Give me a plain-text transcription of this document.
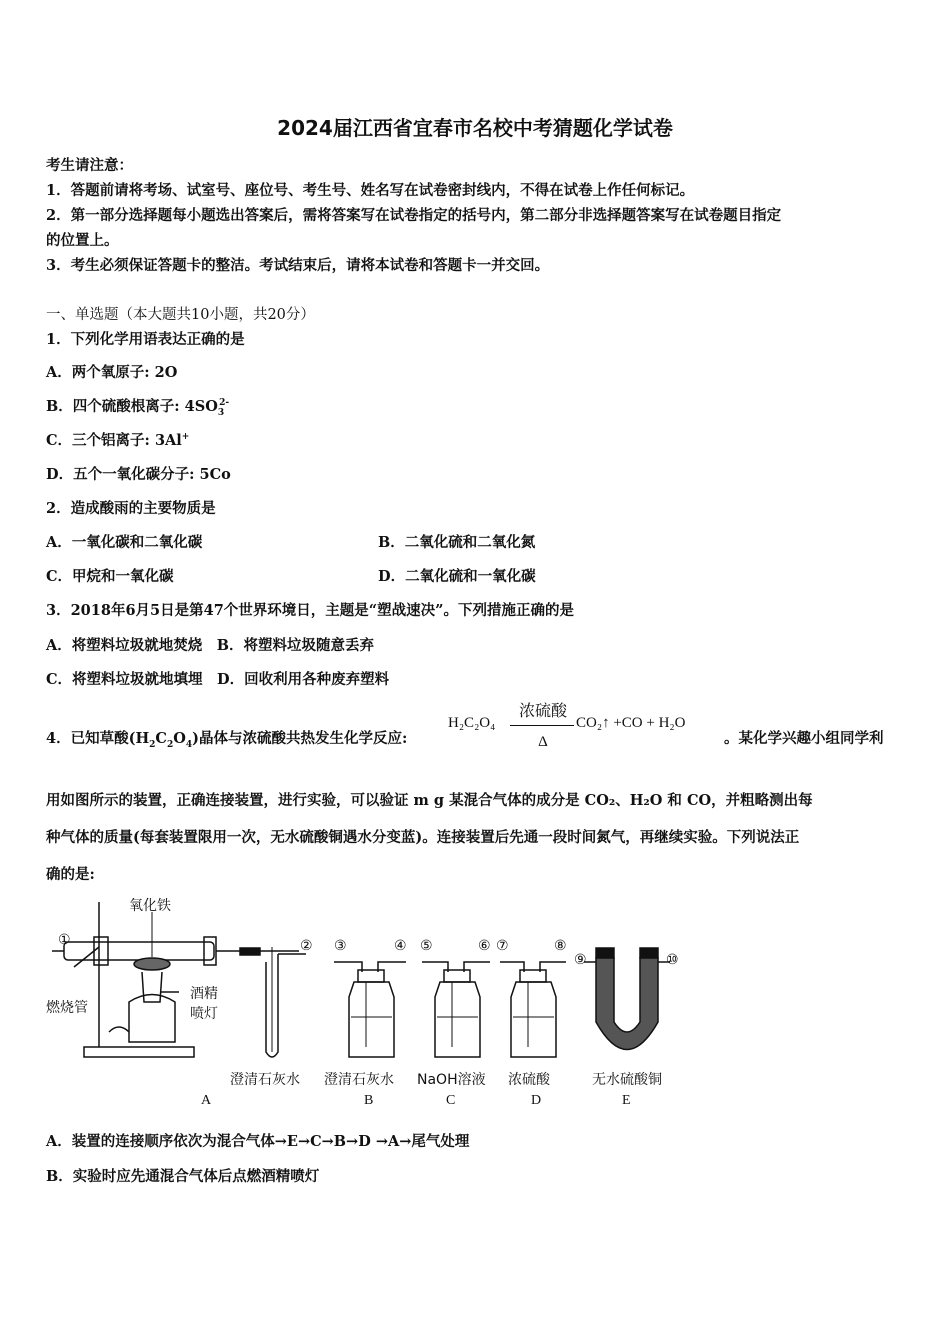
2024届江西省宜春市名校中考猜题化学试卷
考生请注意：
1．答题前请将考场、试室号、座位号、考生号、姓名写在试卷密封线内，不得在试卷上作任何标记。
2．第一部分选择题每小题选出答案后，需将答案写在试卷指定的括号内，第二部分非选择题答案写在试卷题目指定
的位置上。
3．考生必须保证答题卡的整洁。考试结束后，请将本试卷和答题卡一并交回。
一、单选题（本大题共10小题，共20分）
1．下列化学用语表达正确的是
A．两个氧原子: 2O
B．四个硫酸根离子: $4SO_3^{2-}$
C．三个铝离子: 3Al+
D．五个一氧化碳分子: 5Co
2．造成酸雨的主要物质是
A．一氧化碳和二氧化碳	B．二氧化硫和二氧化氮
C．甲烷和一氧化碳	D．二氧化硫和一氧化碳
3．2018年6月5日是第47个世界环境日，主题是“塑战速决”。下列措施正确的是
A．将塑料垃圾就地焚烧　B．将塑料垃圾随意丢弃
C．将塑料垃圾就地填埋　D．回收利用各种废弃塑料
4．已知草酸$(H_2C_2O_4)$晶体与浓硫酸共热发生化学反应:
H₂C₂O₄
浓硫酸
Δ
CO₂↑ +CO + H₂O
。某化学兴趣小组同学利
用如图所示的装置，正确连接装置，进行实验，可以验证 m g 某混合气体的成分是 CO₂、H₂O 和 CO，并粗略测出每
种气体的质量(每套装置限用一次，无水硫酸铜遇水分变蓝)。连接装置后先通一段时间氮气，再继续实验。下列说法正
确的是:
①
氧化铁
燃烧管
酒精
喷灯
② ③	④ ⑤	⑥ ⑦	⑧
⑨	⑩
澄清石灰水 澄清石灰水 NaOH溶液 浓硫酸	无水硫酸铜
A	B	C	D	E
A．装置的连接顺序依次为混合气体→E→C→B→D →A→尾气处理
B．实验时应先通混合气体后点燃酒精喷灯
